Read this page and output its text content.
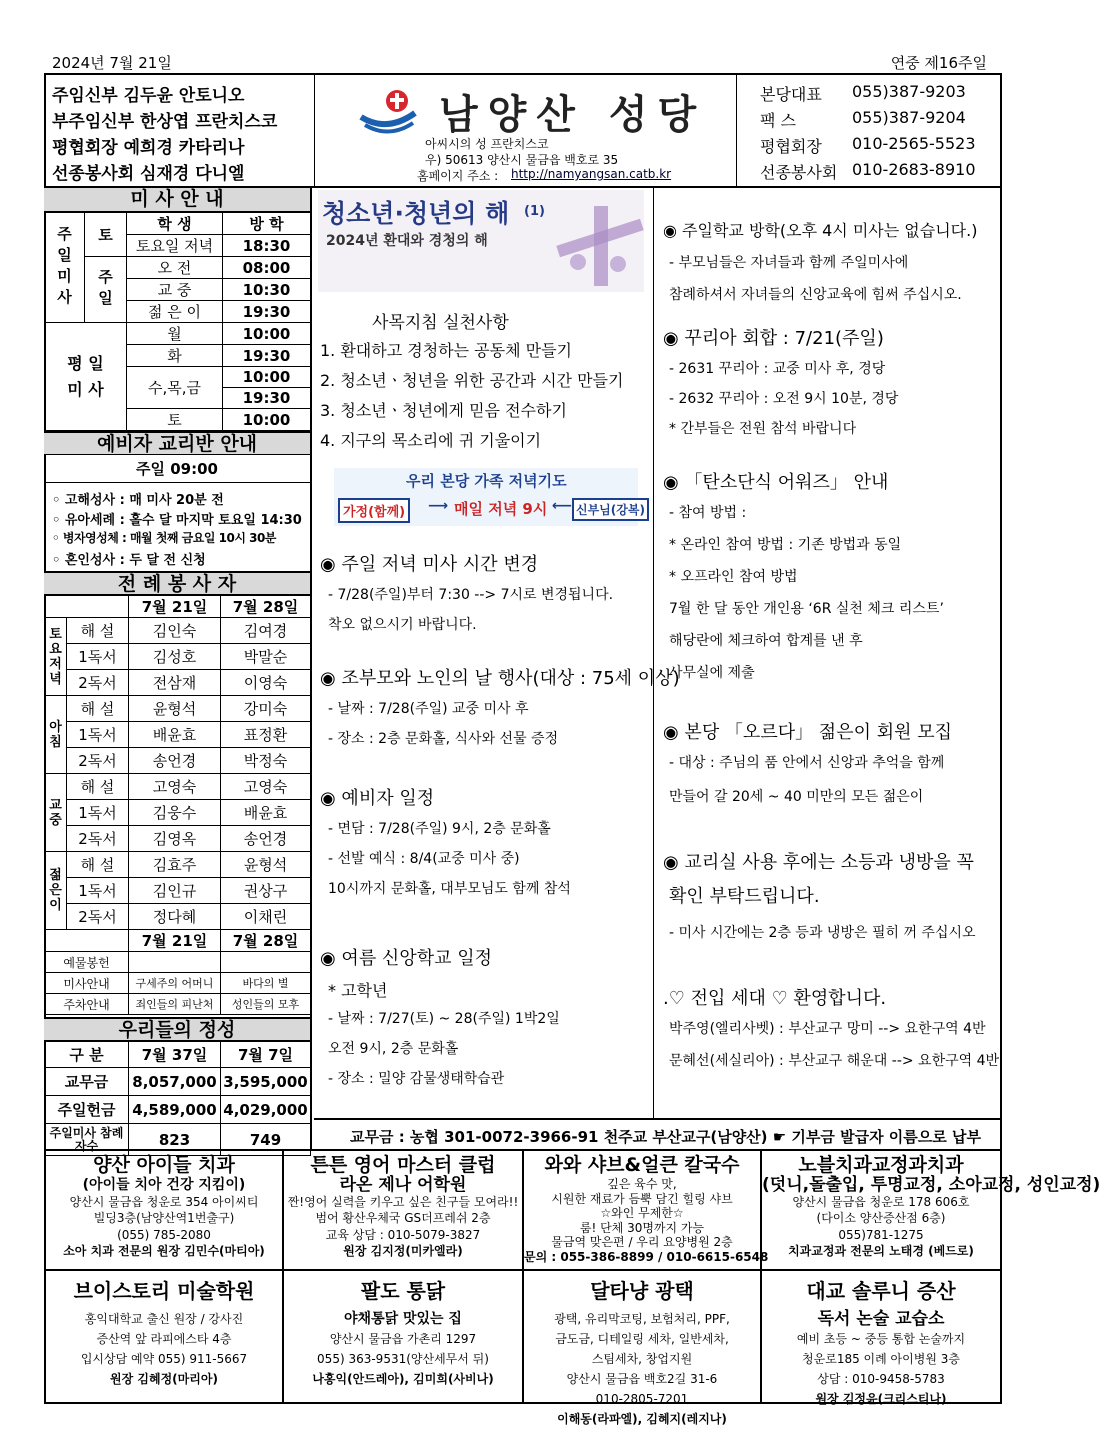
2024년 7월 21일	연중 제16주일
주임신부 김두윤 안토니오
부주임신부 한상엽 프란치스코
평협회장 예희경 카타리나
선종봉사회 심재경 다니엘
남양산 성당
아씨시의 성 프란치스코
우) 50613 양산시 물금읍 백호로 35
홈페이지 주소 : http://namyangsan.catb.kr
본당대표 055)387-9203
팩 스	055)387-9204
평협회장 010-2565-5523
선종봉사회 010-2683-8910
미 사 안 내
주일미사	토	학 생	방 학
		토요일 저녁	18:30
	주일	오 전	08:00
		교 중	10:30
		젊 은 이	19:30
평 일 미 사		월	10:00
		화	19:30
		수,목,금	10:00
			19:30
		토	10:00
예비자 교리반 안내
주일 09:00
◦ 고해성사 : 매 미사 20분 전
◦ 유아세례 : 홀수 달 마지막 토요일 14:30
◦ 병자영성체 : 매월 첫째 금요일 10시 30분
◦ 혼인성사 : 두 달 전 신청
전 례 봉 사 자
		7월 21일	7월 28일
토요저녁	해 설	김인숙	김여경
	1독서	김성호	박말순
	2독서	전삼재	이영숙
아침	해 설	윤형석	강미숙
	1독서	배윤효	표정환
	2독서	송언경	박정숙
교중	해 설	고영숙	고영숙
	1독서	김웅수	배윤효
	2독서	김영옥	송언경
젊은이	해 설	김효주	윤형석
	1독서	김인규	권상구
	2독서	정다혜	이채린
		7월 21일	7월 28일
예물봉헌			
미사안내		구세주의 어머니	바다의 별
주차안내		죄인들의 피난처	성인들의 모후
우리들의 정성
구 분	7월 37일	7월 7일
교무금	8,057,000	3,595,000
주일헌금	4,589,000	4,029,000
주일미사 참례자수	823	749
청소년·청년의 해 (1)
2024년 환대와 경청의 해
사목지침 실천사항
1. 환대하고 경청하는 공동체 만들기
2. 청소년ㆍ청년을 위한 공간과 시간 만들기
3. 청소년ㆍ청년에게 믿음 전수하기
4. 지구의 목소리에 귀 기울이기
우리 본당 가족 저녁기도
가정(함께)	⟶ 매일 저녁 9시 ⟵ 신부님(강복)
◉ 주일 저녁 미사 시간 변경
- 7/28(주일)부터 7:30 --> 7시로 변경됩니다.
착오 없으시기 바랍니다.
◉ 조부모와 노인의 날 행사(대상 : 75세 이상)
- 날짜 : 7/28(주일) 교중 미사 후
- 장소 : 2층 문화홀, 식사와 선물 증정
◉ 예비자 일정
- 면담 : 7/28(주일) 9시, 2층 문화홀
- 선발 예식 : 8/4(교중 미사 중)
10시까지 문화홀, 대부모님도 함께 참석
◉ 여름 신앙학교 일정
* 고학년
- 날짜 : 7/27(토) ~ 28(주일) 1박2일
오전 9시, 2층 문화홀
- 장소 : 밀양 감물생태학습관
◉ 주일학교 방학(오후 4시 미사는 없습니다.)
- 부모님들은 자녀들과 함께 주일미사에
참례하셔서 자녀들의 신앙교육에 힘써 주십시오.
◉ 꾸리아 회합 : 7/21(주일)
- 2631 꾸리아 : 교중 미사 후, 경당
- 2632 꾸리아 : 오전 9시 10분, 경당
* 간부들은 전원 참석 바랍니다
◉ 「탄소단식 어워즈」 안내
- 참여 방법 :
* 온라인 참여 방법 : 기존 방법과 동일
* 오프라인 참여 방법
7월 한 달 동안 개인용 ‘6R 실천 체크 리스트’
해당란에 체크하여 합계를 낸 후
사무실에 제출
◉ 본당 「오르다」 젊은이 회원 모집
- 대상 : 주님의 품 안에서 신앙과 추억을 함께
만들어 갈 20세 ~ 40 미만의 모든 젊은이
◉ 교리실 사용 후에는 소등과 냉방을 꼭
확인 부탁드립니다.
- 미사 시간에는 2층 등과 냉방은 필히 꺼 주십시오
.♡ 전입 세대 ♡ 환영합니다.
박주영(엘리사벳) : 부산교구 망미 --> 요한구역 4반
문혜선(세실리아) : 부산교구 해운대 --> 요한구역 4반
교무금 : 농협 301-0072-3966-91 천주교 부산교구(남양산) ☛ 기부금 발급자 이름으로 납부
양산 아이들 치과
(아이들 치아 건강 지킴이)
양산시 물금읍 청운로 354 아이씨티
빌딩3층(남양산역1번출구)
(055) 785-2080
소아 치과 전문의 원장 김민수(마티아)
튼튼 영어 마스터 클럽
라온 제나 어학원
짠!영어 실력을 키우고 싶은 친구들 모여라!!
범어 황산우체국 GS더프레쉬 2층
교육 상담 : 010-5079-3827
원장 김지정(미카엘라)
와와 샤브&얼큰 칼국수
깊은 육수 맛,
시원한 재료가 듬뿍 담긴 힐링 샤브
☆와인 무제한☆
룸! 단체 30명까지 가능
물금역 맞은편 / 우리 요양병원 2층
문의 : 055-386-8899 / 010-6615-6548
노블치과교정과치과
(덧니,돌출입, 투명교정, 소아교정, 성인교정)
양산시 물금읍 청운로 178 606호
(다이소 양산증산점 6층)
055)781-1275
치과교정과 전문의 노태경 (베드로)
브이스토리 미술학원
홍익대학교 출신 원장 / 강사진
증산역 앞 라피에스타 4층
입시상담 예약 055) 911-5667
원장 김혜정(마리아)
팔도 통닭
야채통닭 맛있는 집
양산시 물금읍 가촌리 1297
055) 363-9531(양산세무서 뒤)
나홍익(안드레아), 김미희(사비나)
달타냥 광택
광택, 유리막코팅, 보험처리, PPF,
금도금, 디테일링 세차, 일반세차,
스팀세차, 창업지원
양산시 물금읍 백호2길 31-6
010-2805-7201
이해동(라파엘), 김혜지(레지나)
대교 솔루니 증산
독서 논술 교습소
예비 초등 ~ 중등 통합 논술까지
청운로185 이례 아이병원 3층
상담 : 010-9458-5783
원장 김정윤(크리스티나)
